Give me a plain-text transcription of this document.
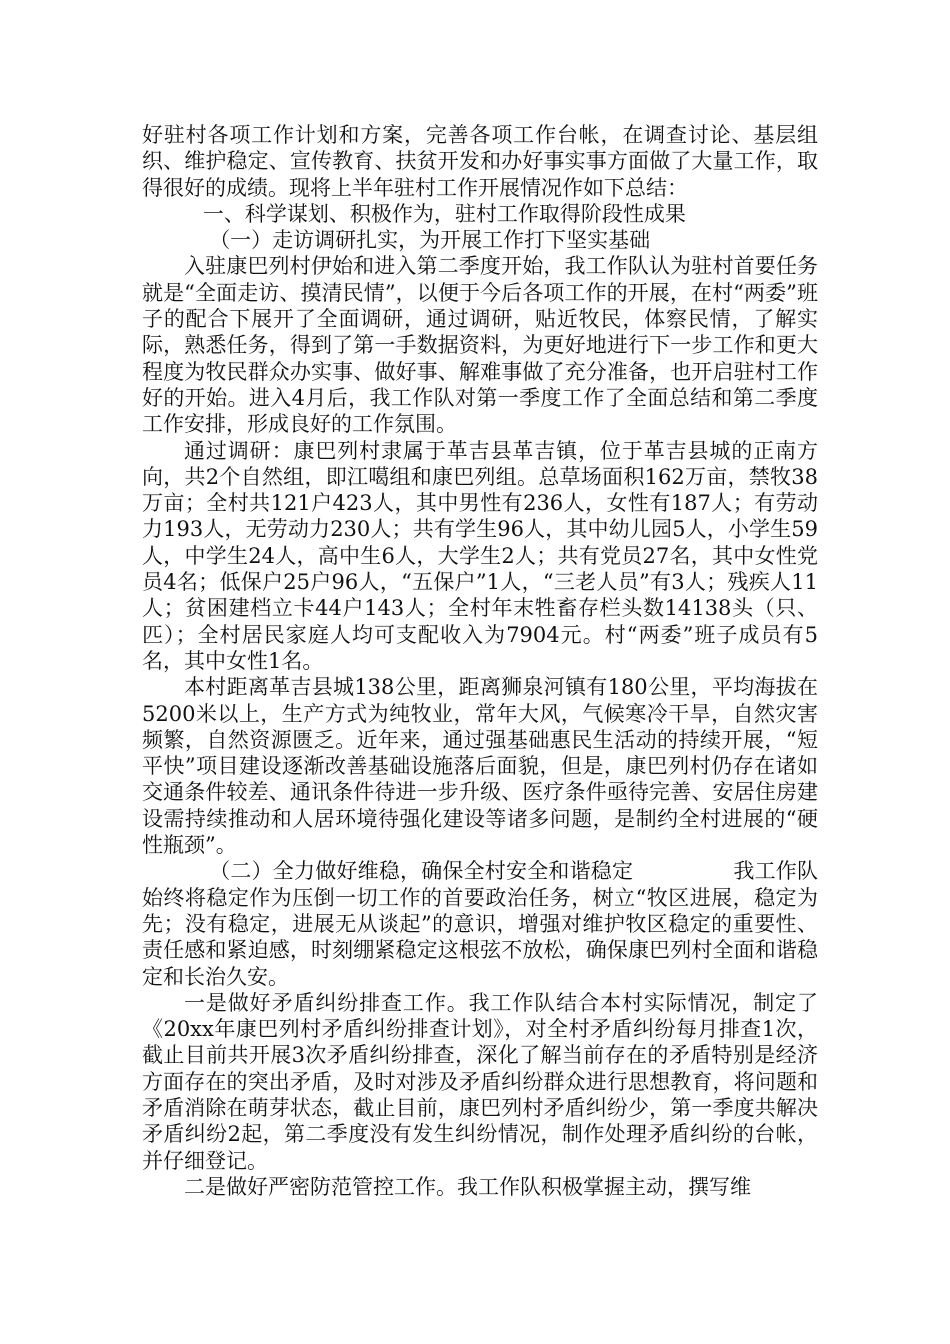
好驻村各项工作计划和方案，完善各项工作台帐，在调查讨论、基层组织、维护稳定、宣传教育、扶贫开发和办好事实事方面做了大量工作，取得很好的成绩。现将上半年驻村工作开展情况作如下总结：

一、科学谋划、积极作为，驻村工作取得阶段性成果

（一）走访调研扎实，为开展工作打下坚实基础

入驻康巴列村伊始和进入第二季度开始，我工作队认为驻村首要任务就是“全面走访、摸清民情”，以便于今后各项工作的开展，在村“两委”班子的配合下展开了全面调研，通过调研，贴近牧民，体察民情，了解实际，熟悉任务，得到了第一手数据资料，为更好地进行下一步工作和更大程度为牧民群众办实事、做好事、解难事做了充分准备，也开启驻村工作好的开始。进入4月后，我工作队对第一季度工作了全面总结和第二季度工作安排，形成良好的工作氛围。

通过调研：康巴列村隶属于革吉县革吉镇，位于革吉县城的正南方向，共2个自然组，即江噶组和康巴列组。总草场面积162万亩，禁牧38万亩；全村共121户423人，其中男性有236人，女性有187人；有劳动力193人，无劳动力230人；共有学生96人，其中幼儿园5人，小学生59人，中学生24人，高中生6人，大学生2人；共有党员27名，其中女性党员4名；低保户25户96人，“五保户”1人，“三老人员”有3人；残疾人11人；贫困建档立卡44户143人；全村年末牲畜存栏头数14138头（只、匹）；全村居民家庭人均可支配收入为7904元。村“两委”班子成员有5名，其中女性1名。

本村距离革吉县城138公里，距离狮泉河镇有180公里，平均海拔在5200米以上，生产方式为纯牧业，常年大风，气候寒冷干旱，自然灾害频繁，自然资源匮乏。近年来，通过强基础惠民生活动的持续开展，“短平快”项目建设逐渐改善基础设施落后面貌，但是，康巴列村仍存在诸如交通条件较差、通讯条件待进一步升级、医疗条件亟待完善、安居住房建设需持续推动和人居环境待强化建设等诸多问题，是制约全村进展的“硬性瓶颈”。

（二）全力做好维稳，确保全村安全和谐稳定	我工作队始终将稳定作为压倒一切工作的首要政治任务，树立“牧区进展，稳定为先；没有稳定，进展无从谈起”的意识，增强对维护牧区稳定的重要性、责任感和紧迫感，时刻绷紧稳定这根弦不放松，确保康巴列村全面和谐稳定和长治久安。

一是做好矛盾纠纷排查工作。我工作队结合本村实际情况，制定了《20xx年康巴列村矛盾纠纷排查计划》，对全村矛盾纠纷每月排查1次，截止目前共开展3次矛盾纠纷排查，深化了解当前存在的矛盾特别是经济方面存在的突出矛盾，及时对涉及矛盾纠纷群众进行思想教育，将问题和矛盾消除在萌芽状态，截止目前，康巴列村矛盾纠纷少，第一季度共解决矛盾纠纷2起，第二季度没有发生纠纷情况，制作处理矛盾纠纷的台帐，并仔细登记。

二是做好严密防范管控工作。我工作队积极掌握主动，撰写维
